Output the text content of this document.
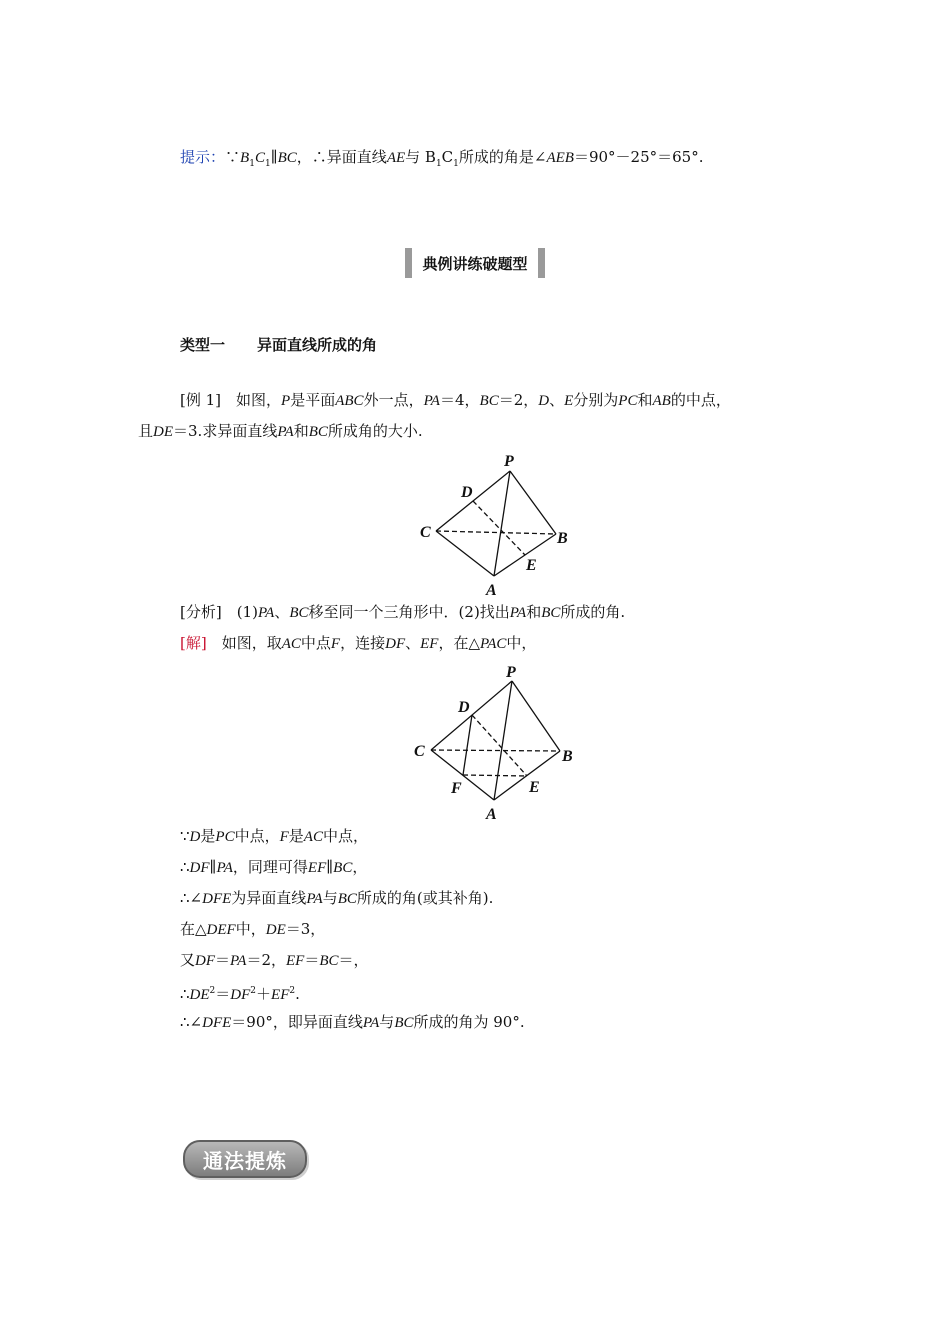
提示：$\because B_1C_1\parallel BC$，∴异面直线AE与 $B_1C_1$所成的角是∠AEB＝90°－25°＝65°.
典例讲练破题型
类型一 异面直线所成的角
[例 1]　如图，P是平面ABC外一点，PA＝4，BC＝2，D、E分别为PC和AB的中点，
且DE＝3.求异面直线PA和BC所成角的大小.
P
D
C	B
E
A
[分析]　(1)PA、BC移至同一个三角形中．(2)找出PA和BC所成的角.
[解]　如图，取AC中点F，连接DF、EF，在△PAC中，
P
D
C	B
F	E
A
∵D是PC中点，F是AC中点，
∴DF∥PA，同理可得EF∥BC，
∴∠DFE为异面直线PA与BC所成的角(或其补角).
在△DEF中，DE＝3，
又DF＝PA＝2，EF＝BC＝，
$\therefore DE^2=DF^2+EF^2$.
∴∠DFE＝90°，即异面直线PA与BC所成的角为 90°.
通法提炼
